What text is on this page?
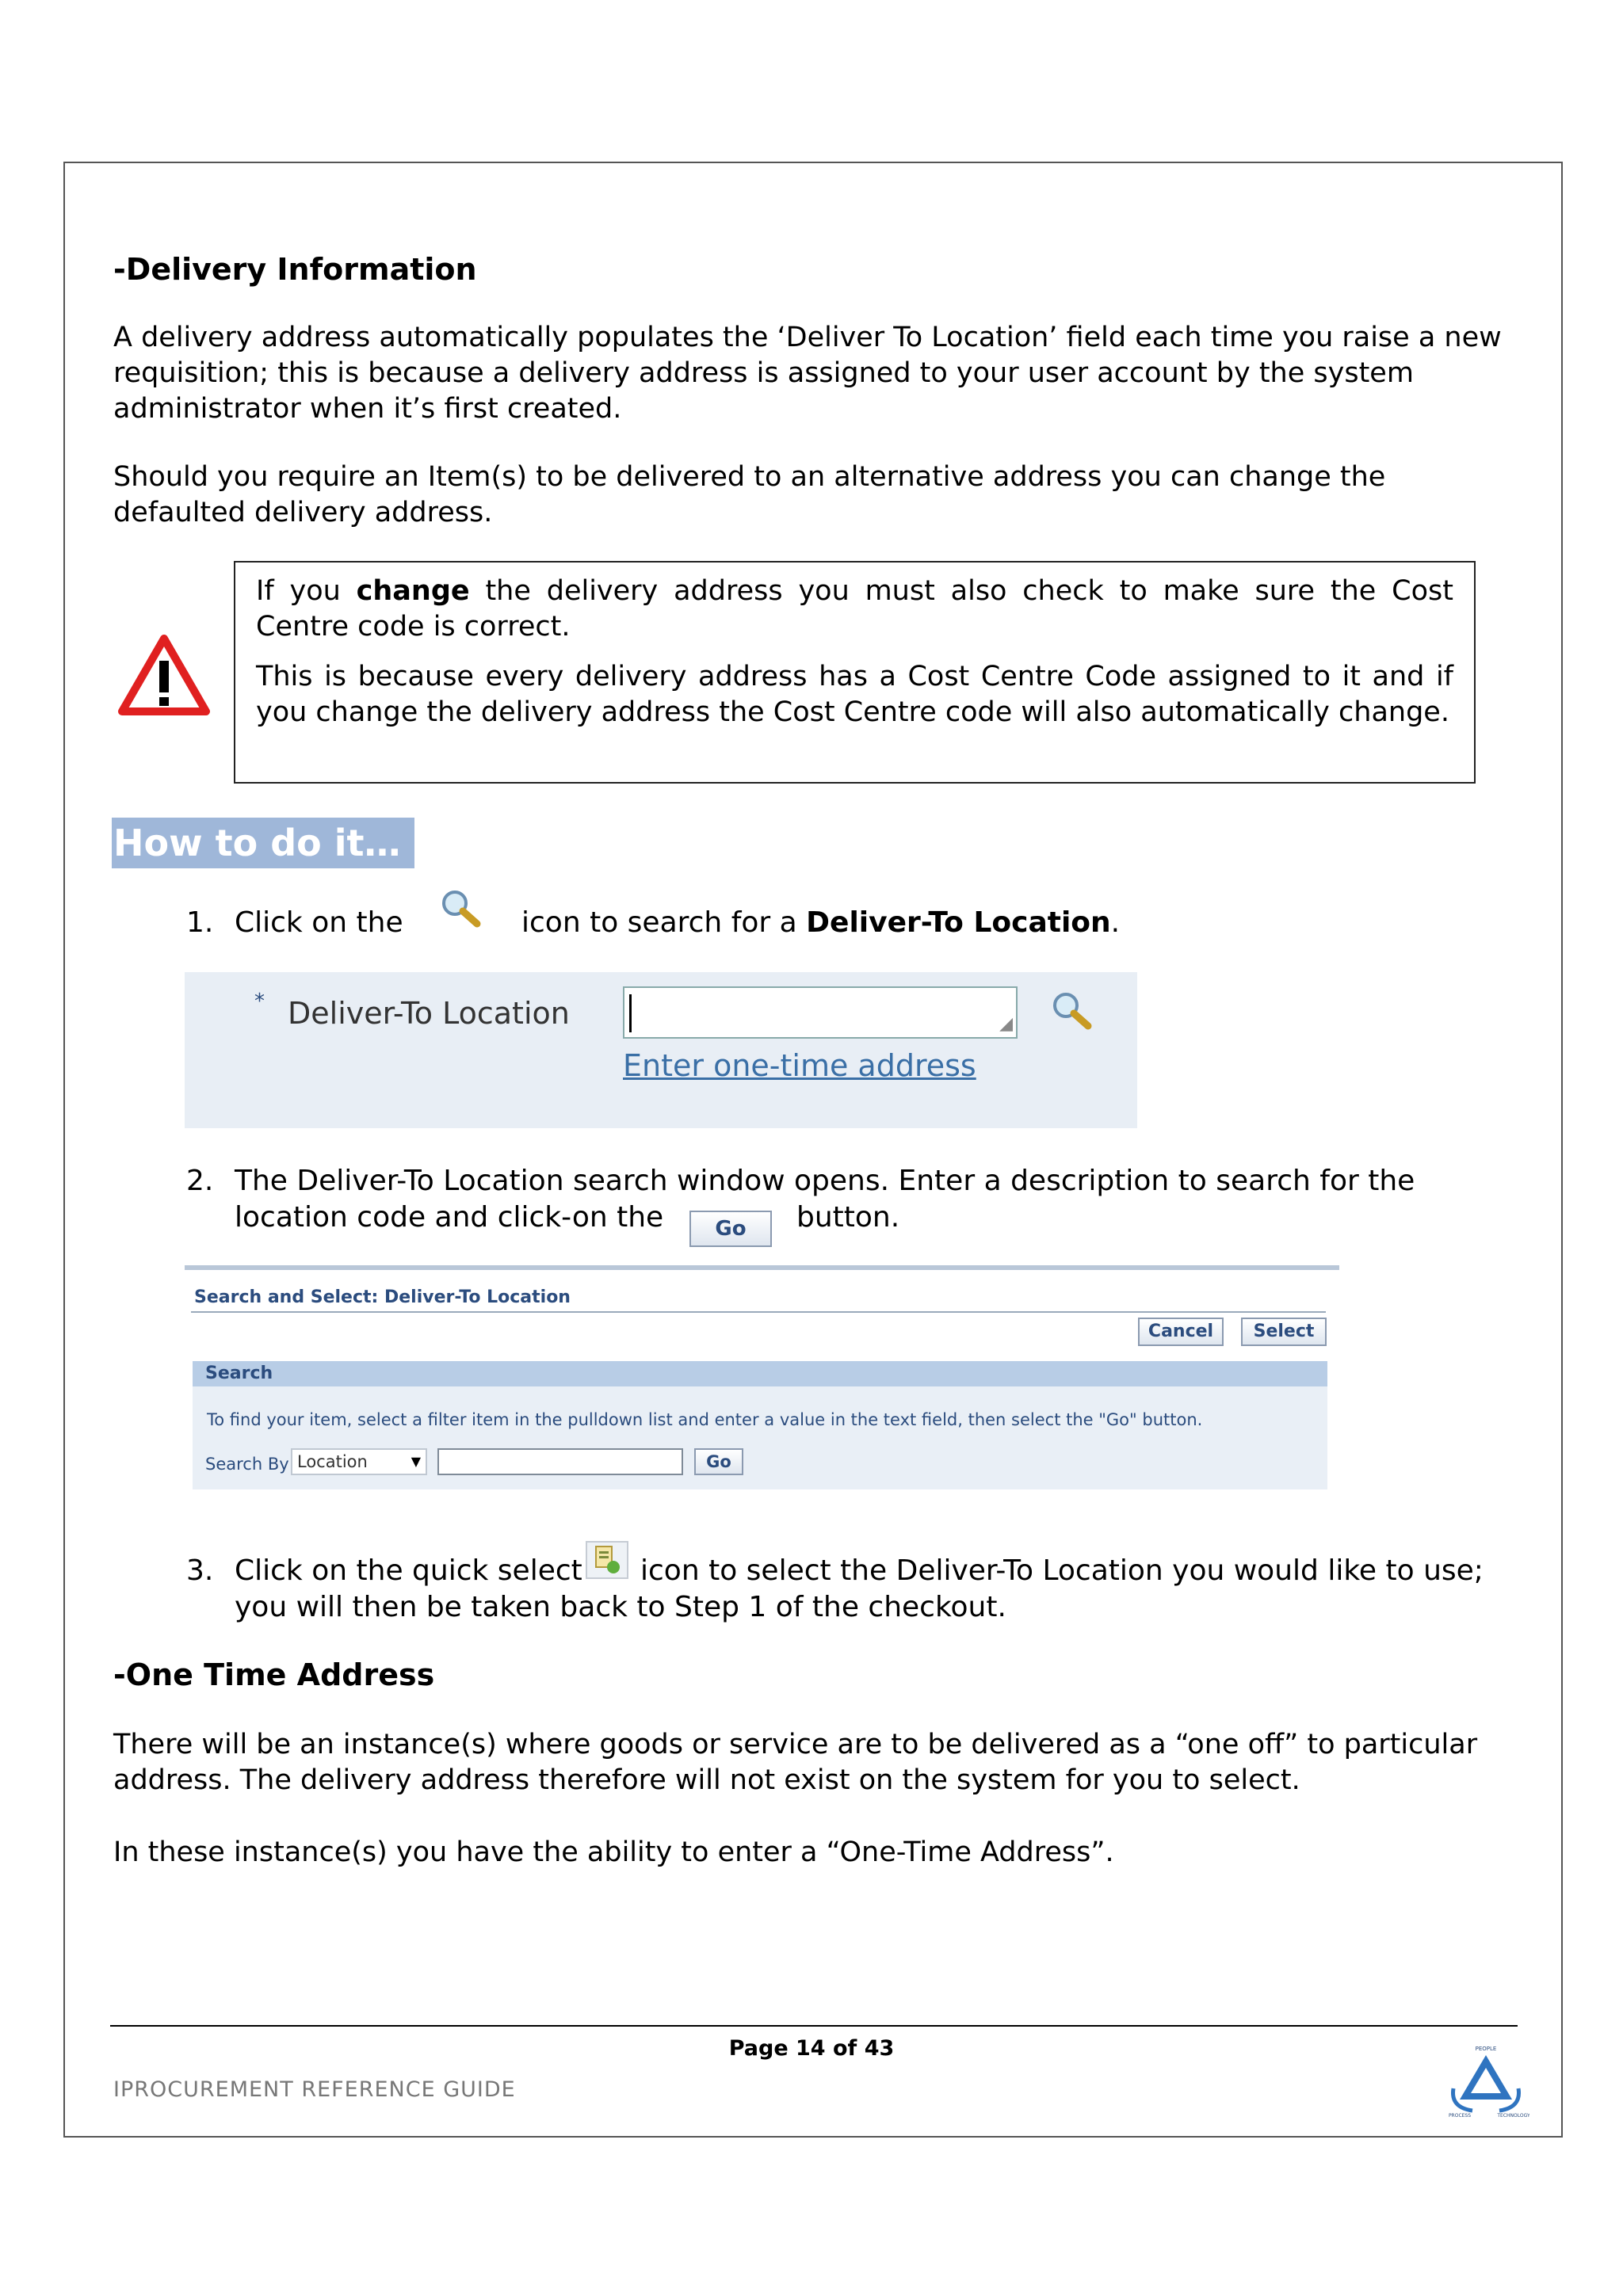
-Delivery Information
A delivery address automatically populates the ‘Deliver To Location’ field each time you raise a new
requisition; this is because a delivery address is assigned to your user account by the system
administrator when it’s first created.
Should you require an Item(s) to be delivered to an alternative address you can change the
defaulted delivery address.

If you change the delivery address you must also check to make sure the Cost Centre code is correct.

This is because every delivery address has a Cost Centre Code assigned to it and if you change the delivery address the Cost Centre code will also automatically change.

How to do it…
1. Click on the	icon to search for a Deliver-To Location.
* Deliver-To Location	◢
Enter one-time address
2. The Deliver-To Location search window opens. Enter a description to search for the
location code and click-on the	Go	button.
Search and Select: Deliver-To Location
Cancel	Select
Search
To find your item, select a filter item in the pulldown list and enter a value in the text field, then select the "Go" button.
Search By Location	▼	Go
3. Click on the quick select icon to select the Deliver-To Location you would like to use;
you will then be taken back to Step 1 of the checkout.
-One Time Address
There will be an instance(s) where goods or service are to be delivered as a “one off” to particular
address. The delivery address therefore will not exist on the system for you to select.
In these instance(s) you have the ability to enter a “One-Time Address”.
Page 14 of 43
IPROCUREMENT REFERENCE GUIDE
PEOPLE
PROCESS	TECHNOLOGY
